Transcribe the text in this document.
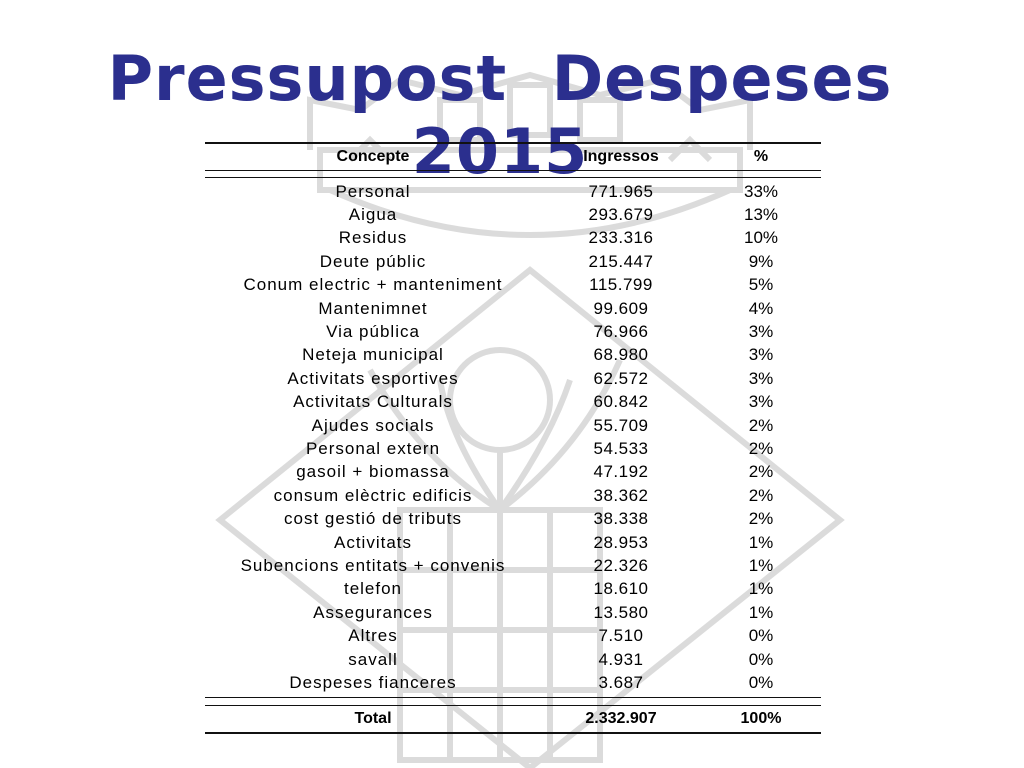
Pressupost Despeses 2015
Concepte	Ingressos	%
Personal	771.965	33%
Aigua	293.679	13%
Residus	233.316	10%
Deute públic	215.447	9%
Conum electric + manteniment	115.799	5%
Mantenimnet	99.609	4%
Via pública	76.966	3%
Neteja municipal	68.980	3%
Activitats esportives	62.572	3%
Activitats Culturals	60.842	3%
Ajudes socials	55.709	2%
Personal extern	54.533	2%
gasoil + biomassa	47.192	2%
consum elèctric edificis	38.362	2%
cost gestió de tributs	38.338	2%
Activitats	28.953	1%
Subencions entitats + convenis	22.326	1%
telefon	18.610	1%
Assegurances	13.580	1%
Altres	7.510	0%
savall	4.931	0%
Despeses fianceres	3.687	0%
Total	2.332.907	100%
